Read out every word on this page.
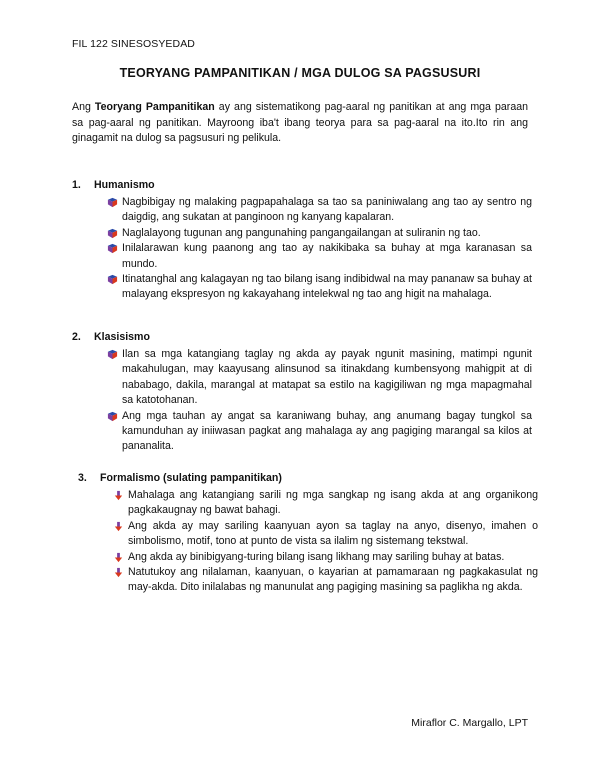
FIL 122 SINESOSYEDAD
TEORYANG PAMPANITIKAN / MGA DULOG SA PAGSUSURI
Ang Teoryang Pampanitikan ay ang sistematikong pag-aaral ng panitikan at ang mga paraan sa pag-aaral ng panitikan. Mayroong iba't ibang teorya para sa pag-aaral na ito.Ito rin ang ginagamit na dulog sa pagsusuri ng pelikula.
1.	Humanismo
Nagbibigay ng malaking pagpapahalaga sa tao sa paniniwalang ang tao ay sentro ng daigdig, ang sukatan at panginoon ng kanyang kapalaran.
Naglalayong tugunan ang pangunahing pangangailangan at suliranin ng tao.
Inilalarawan kung paanong ang tao ay nakikibaka sa buhay at mga karanasan sa mundo.
Itinatanghal ang kalagayan ng tao bilang isang indibidwal na may pananaw sa buhay at malayang ekspresyon ng kakayahang intelekwal ng tao ang higit na mahalaga.
2.	Klasisismo
Ilan sa mga katangiang taglay ng akda ay payak ngunit masining, matimpi ngunit makahulugan, may kaayusang alinsunod sa itinakdang kumbensyong mahigpit at di nababago, dakila, marangal at matapat sa estilo na kagigiliwan ng mga mapagmahal sa katotohanan.
Ang mga tauhan ay angat sa karaniwang buhay, ang anumang bagay tungkol sa kamunduhan ay iniiwasan pagkat ang mahalaga ay ang pagiging marangal sa kilos at pananalita.
3.	Formalismo (sulating pampanitikan)
Mahalaga ang katangiang sarili ng mga sangkap ng isang akda at ang organikong pagkakaugnay ng bawat bahagi.
Ang akda ay may sariling kaanyuan ayon sa taglay na anyo, disenyo, imahen o simbolismo, motif, tono at punto de vista sa ilalim ng sistemang tekstwal.
Ang akda ay binibigyang-turing bilang isang likhang may sariling buhay at batas.
Natutukoy ang nilalaman, kaanyuan, o kayarian at pamamaraan ng pagkakasulat ng may-akda. Dito inilalabas ng manunulat ang pagiging masining sa paglikha ng akda.
Miraflor C. Margallo, LPT
